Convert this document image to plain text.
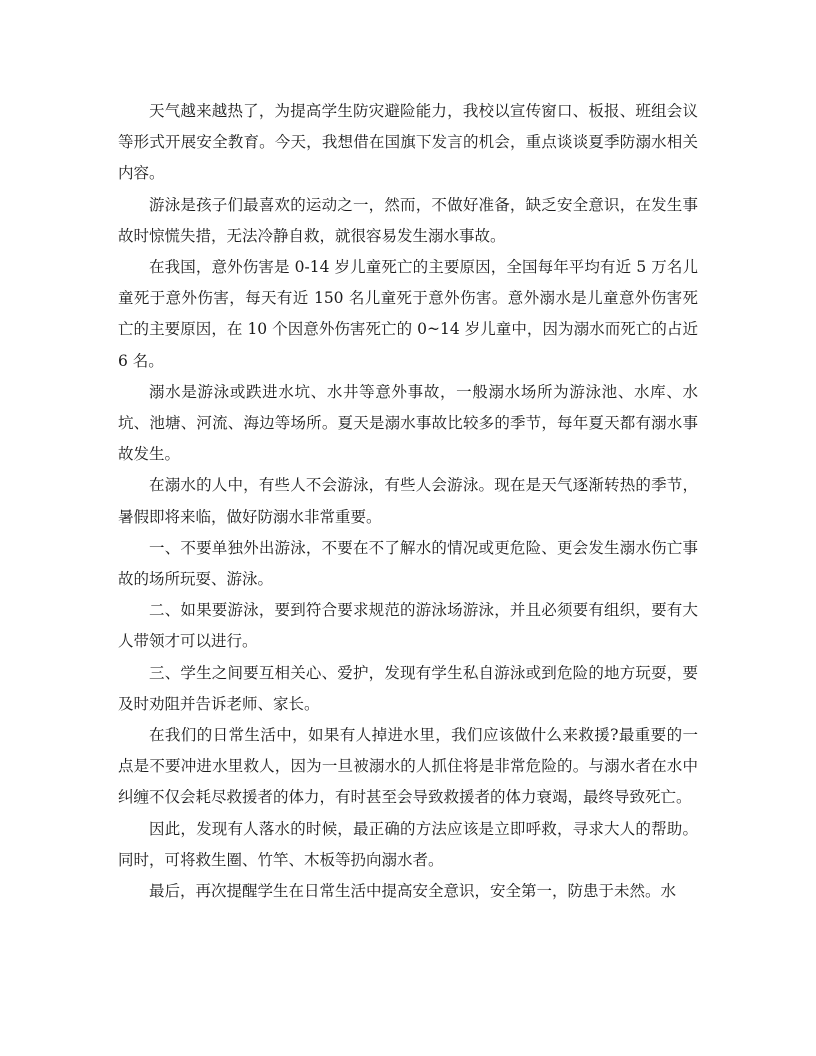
天气越来越热了，为提高学生防灾避险能力，我校以宣传窗口、板报、班组会议等形式开展安全教育。今天，我想借在国旗下发言的机会，重点谈谈夏季防溺水相关内容。

游泳是孩子们最喜欢的运动之一，然而，不做好准备，缺乏安全意识，在发生事故时惊慌失措，无法冷静自救，就很容易发生溺水事故。

在我国，意外伤害是 0-14 岁儿童死亡的主要原因，全国每年平均有近 5 万名儿童死于意外伤害，每天有近 150 名儿童死于意外伤害。意外溺水是儿童意外伤害死亡的主要原因，在 10 个因意外伤害死亡的 0~14 岁儿童中，因为溺水而死亡的占近 6 名。

溺水是游泳或跌进水坑、水井等意外事故，一般溺水场所为游泳池、水库、水坑、池塘、河流、海边等场所。夏天是溺水事故比较多的季节，每年夏天都有溺水事故发生。

在溺水的人中，有些人不会游泳，有些人会游泳。现在是天气逐渐转热的季节，暑假即将来临，做好防溺水非常重要。

一、不要单独外出游泳，不要在不了解水的情况或更危险、更会发生溺水伤亡事故的场所玩耍、游泳。

二、如果要游泳，要到符合要求规范的游泳场游泳，并且必须要有组织，要有大人带领才可以进行。

三、学生之间要互相关心、爱护，发现有学生私自游泳或到危险的地方玩耍，要及时劝阻并告诉老师、家长。

在我们的日常生活中，如果有人掉进水里，我们应该做什么来救援?最重要的一点是不要冲进水里救人，因为一旦被溺水的人抓住将是非常危险的。与溺水者在水中纠缠不仅会耗尽救援者的体力，有时甚至会导致救援者的体力衰竭，最终导致死亡。

因此，发现有人落水的时候，最正确的方法应该是立即呼救，寻求大人的帮助。同时，可将救生圈、竹竿、木板等扔向溺水者。

最后，再次提醒学生在日常生活中提高安全意识，安全第一，防患于未然。水
